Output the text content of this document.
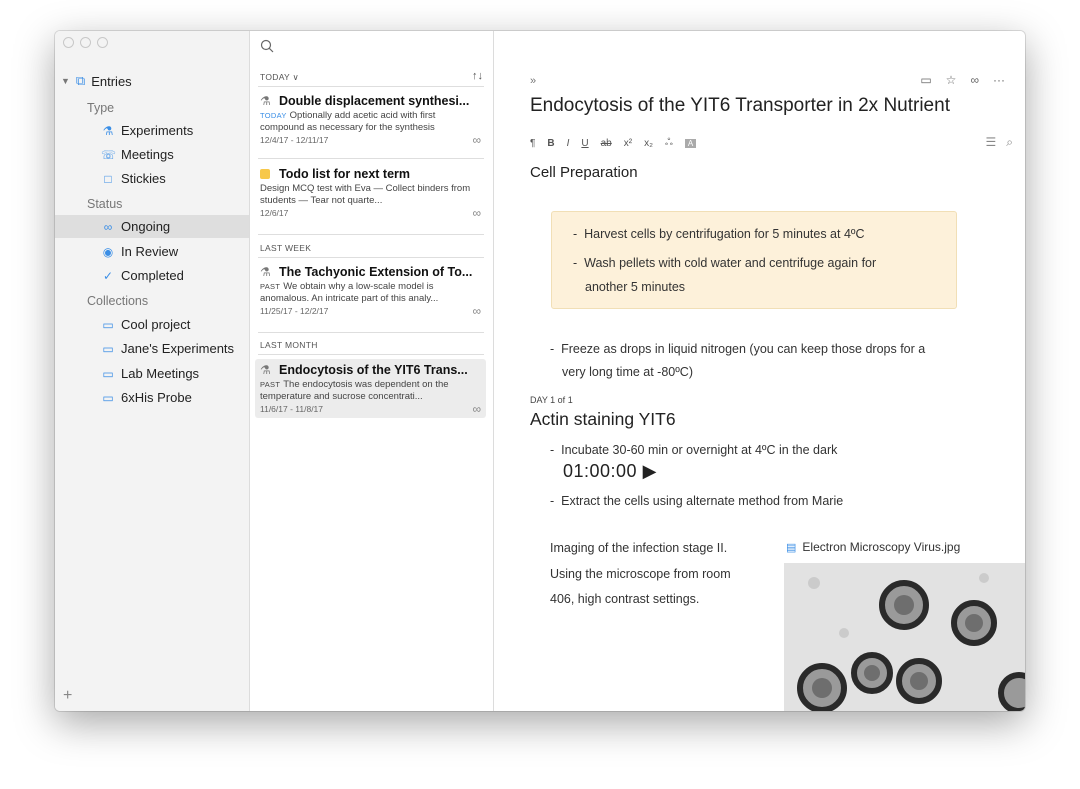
▼ ⧉ Entries
Type
⚗ Experiments
☏ Meetings
□ Stickies
Status
∞ Ongoing
◉ In Review
✓ Completed
Collections
▭ Cool project
▭ Jane's Experiments
▭ Lab Meetings
▭ 6xHis Probe
+
TODAY ∨	↑↓
⚗ Double displacement synthesi...
TODAY Optionally add acetic acid with first compound as necessary for the synthesis
12/4/17 - 12/11/17	∞
Todo list for next term
Design MCQ test with Eva — Collect binders from students — Tear not quarte...
12/6/17	∞
LAST WEEK
⚗ The Tachyonic Extension of To...
PAST We obtain why a low-scale model is anomalous. An intricate part of this analy...
11/25/17 - 12/2/17	∞
LAST MONTH
⚗ Endocytosis of the YIT6 Trans...
PAST The endocytosis was dependent on the temperature and sucrose concentrati...
11/6/17 - 11/8/17	∞
»	▭ ☆ ∞ ···
Endocytosis of the YIT6 Transporter in 2x Nutrient
¶ B I U ab x² x₂ ஃ	A	☰ ⌕
Cell Preparation
-  Harvest cells by centrifugation for 5 minutes at 4ºC
-  Wash pellets with cold water and centrifuge again for
another 5 minutes
-  Freeze as drops in liquid nitrogen (you can keep those drops for a
very long time at -80ºC)
DAY 1 of 1
Actin staining YIT6
-  Incubate 30-60 min or overnight at 4ºC in the dark
01:00:00 ▶
-  Extract the cells using alternate method from Marie
Imaging of the infection stage II.
Using the microscope from room
406, high contrast settings.
▤ Electron Microscopy Virus.jpg
